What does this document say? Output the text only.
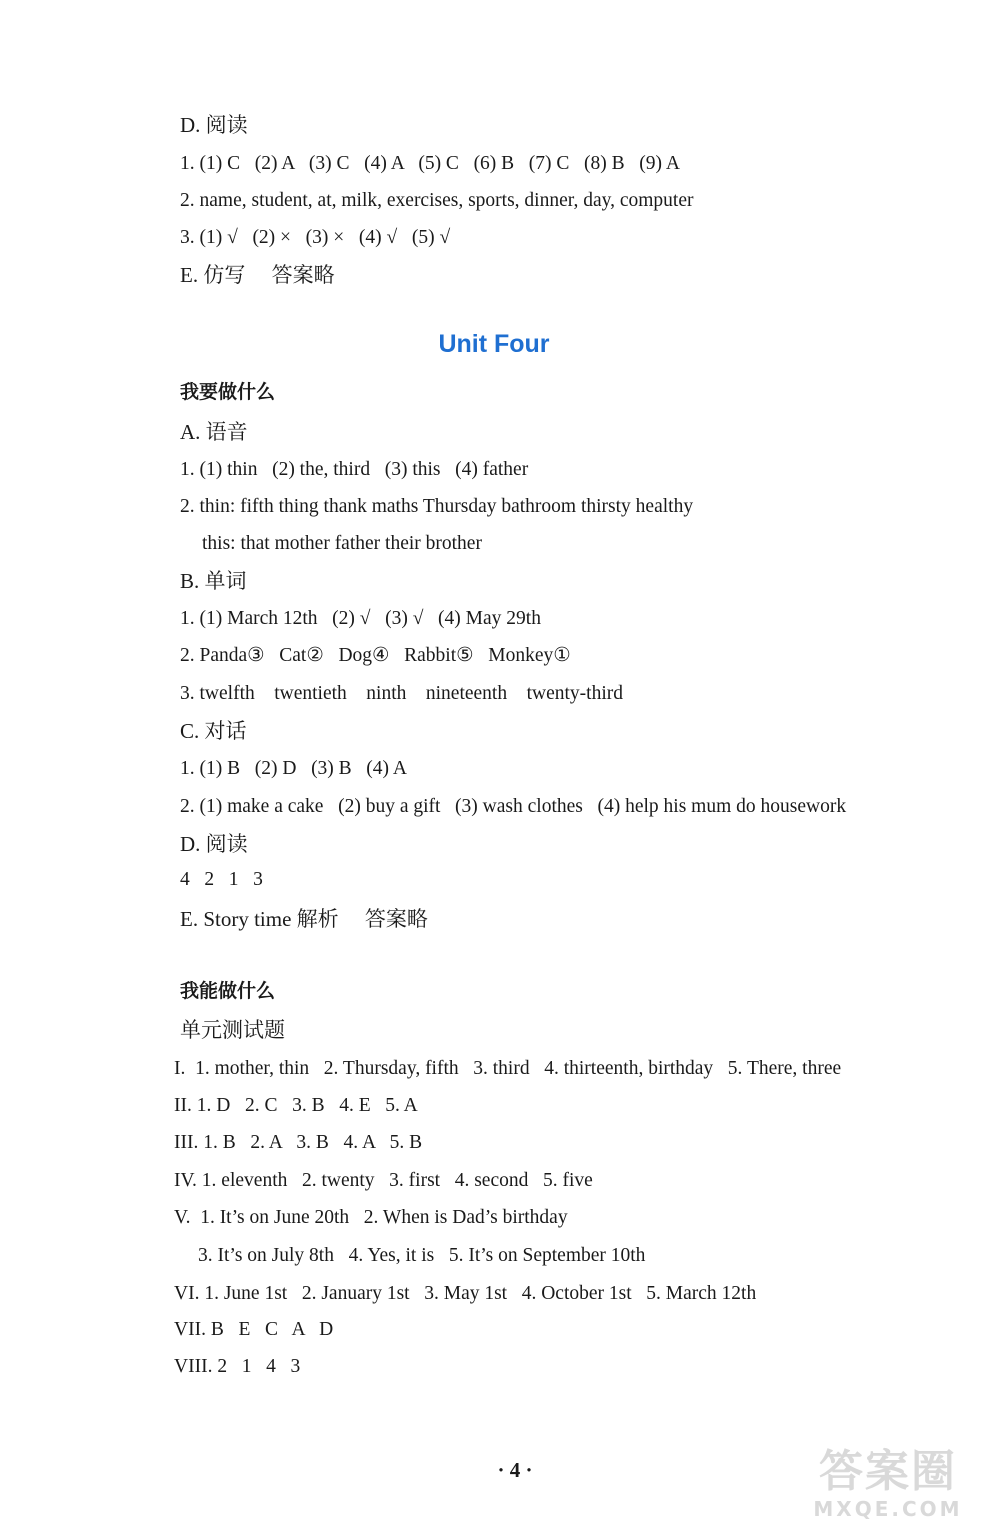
D. 阅读

1. (1) C   (2) A   (3) C   (4) A   (5) C   (6) B   (7) C   (8) B   (9) A

2. name, student, at, milk, exercises, sports, dinner, day, computer

3. (1) √   (2) ×   (3) ×   (4) √   (5) √

E. 仿写     答案略

Unit Four

我要做什么

A. 语音

1. (1) thin   (2) the, third   (3) this   (4) father

2. thin: fifth thing thank maths Thursday bathroom thirsty healthy

this: that mother father their brother

B. 单词

1. (1) March 12th   (2) √   (3) √   (4) May 29th

2. Panda③   Cat②   Dog④   Rabbit⑤   Monkey①

3. twelfth    twentieth    ninth    nineteenth    twenty-third

C. 对话

1. (1) B   (2) D   (3) B   (4) A

2. (1) make a cake   (2) buy a gift   (3) wash clothes   (4) help his mum do housework

D. 阅读

4   2   1   3

E. Story time 解析     答案略

我能做什么

单元测试题

I.  1. mother, thin   2. Thursday, fifth   3. third   4. thirteenth, birthday   5. There, three

II. 1. D   2. C   3. B   4. E   5. A

III. 1. B   2. A   3. B   4. A   5. B

IV. 1. eleventh   2. twenty   3. first   4. second   5. five

V.  1. It’s on June 20th   2. When is Dad’s birthday

3. It’s on July 8th   4. Yes, it is   5. It’s on September 10th

VI. 1. June 1st   2. January 1st   3. May 1st   4. October 1st   5. March 12th

VII. B   E   C   A   D

VIII. 2   1   4   3

· 4 ·	答案圈
MXQE.COM
